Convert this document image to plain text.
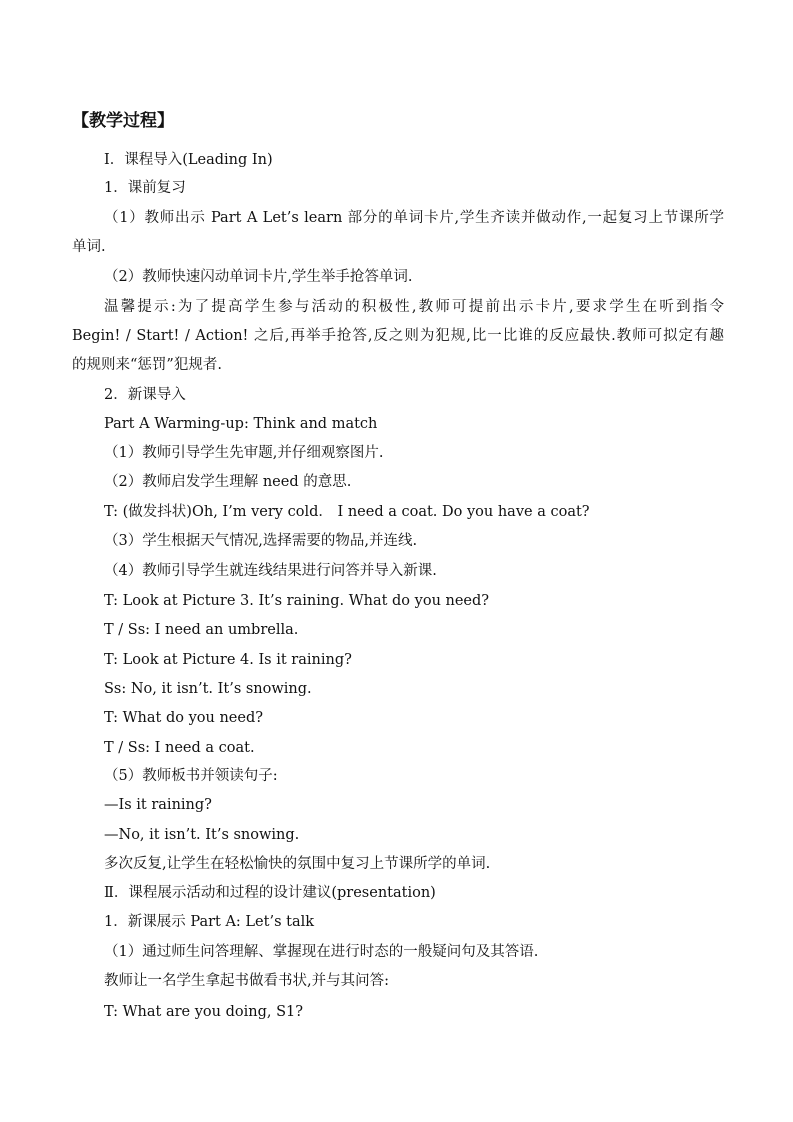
【教学过程】
Ⅰ．课程导入(Leading In)
1．课前复习
（1）教师出示 Part A Let’s learn 部分的单词卡片,学生齐读并做动作,一起复习上节课所学
单词.
（2）教师快速闪动单词卡片,学生举手抢答单词.
温馨提示:为了提高学生参与活动的积极性,教师可提前出示卡片,要求学生在听到指令
Begin! / Start! / Action! 之后,再举手抢答,反之则为犯规,比一比谁的反应最快.教师可拟定有趣
的规则来“惩罚”犯规者.
2．新课导入
Part A Warming-up: Think and match
（1）教师引导学生先审题,并仔细观察图片.
（2）教师启发学生理解 need 的意思.
T: (做发抖状)Oh, I’m very cold． I need a coat. Do you have a coat?
（3）学生根据天气情况,选择需要的物品,并连线.
（4）教师引导学生就连线结果进行问答并导入新课.
T: Look at Picture 3. It’s raining. What do you need?
T / Ss: I need an umbrella.
T: Look at Picture 4. Is it raining?
Ss: No, it isn’t. It’s snowing.
T: What do you need?
T / Ss: I need a coat.
（5）教师板书并领读句子:
—Is it raining?
—No, it isn’t. It’s snowing.
多次反复,让学生在轻松愉快的氛围中复习上节课所学的单词.
Ⅱ．课程展示活动和过程的设计建议(presentation)
1．新课展示 Part A: Let’s talk
（1）通过师生问答理解、掌握现在进行时态的一般疑问句及其答语.
教师让一名学生拿起书做看书状,并与其问答:
T: What are you doing, S1?
